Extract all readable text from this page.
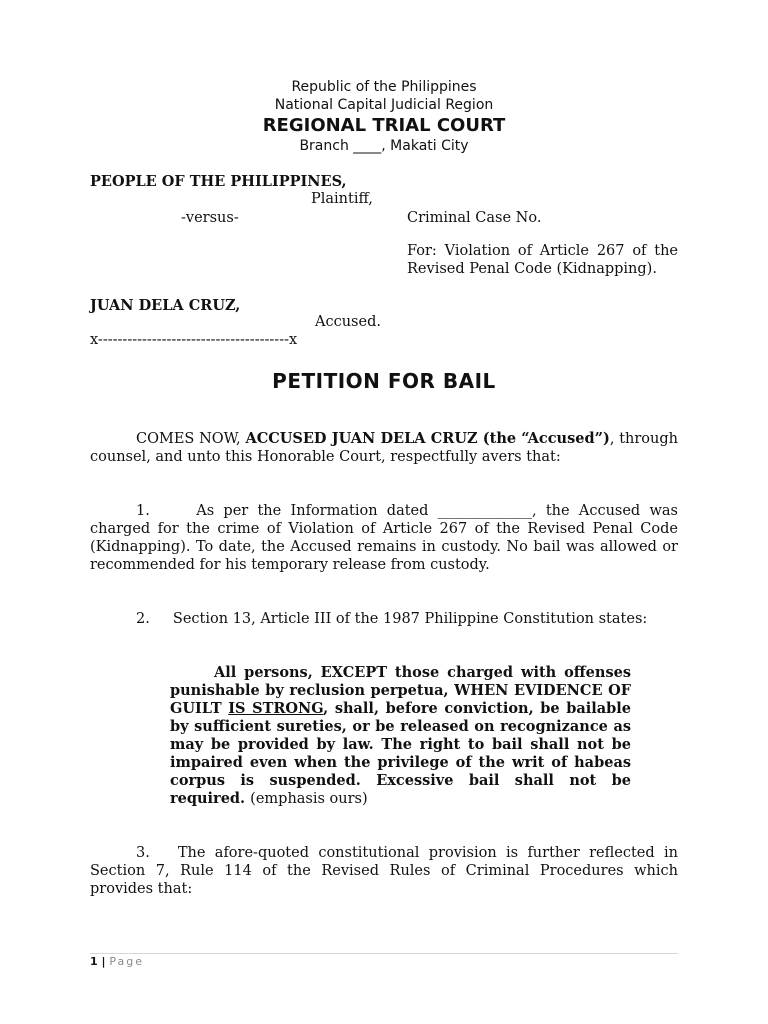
Republic of the Philippines
National Capital Judicial Region
REGIONAL TRIAL COURT
Branch ____, Makati City
PEOPLE OF THE PHILIPPINES,
Plaintiff,
-versus-	Criminal Case No.
For: Violation of Article 267 of the Revised Penal Code (Kidnapping).
JUAN DELA CRUZ,
Accused.
x---------------------------------------x
PETITION FOR BAIL
COMES NOW, ACCUSED JUAN DELA CRUZ (the “Accused”), through counsel, and unto this Honorable Court, respectfully avers that:
1.     As per the Information dated _____________, the Accused was charged for the crime of Violation of Article 267 of the Revised Penal Code (Kidnapping). To date, the Accused remains in custody. No bail was allowed or recommended for his temporary release from custody.
2.     Section 13, Article III of the 1987 Philippine Constitution states:
All persons, EXCEPT those charged with offenses punishable by reclusion perpetua, WHEN EVIDENCE OF GUILT IS STRONG, shall, before conviction, be bailable by sufficient sureties, or be released on recognizance as may be provided by law. The right to bail shall not be impaired even when the privilege of the writ of habeas corpus is suspended. Excessive bail shall not be required. (emphasis ours)
3.   The afore-quoted constitutional provision is further reflected in Section 7, Rule 114 of the Revised Rules of Criminal Procedures which provides that:
1 | Page
